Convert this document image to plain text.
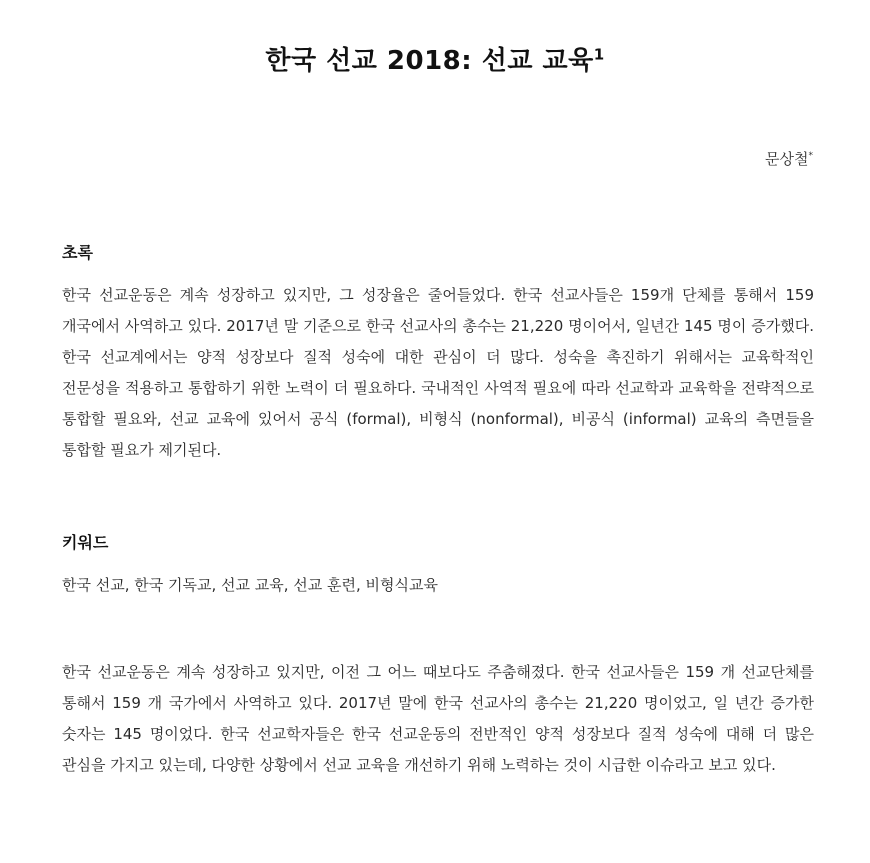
한국 선교 2018: 선교 교육$^1$
문상철*
초록
한국 선교운동은 계속 성장하고 있지만, 그 성장율은 줄어들었다. 한국 선교사들은 159개 단체를 통해서 159 개국에서 사역하고 있다. 2017년 말 기준으로 한국 선교사의 총수는 21,220 명이어서, 일년간 145 명이 증가했다. 한국 선교계에서는 양적 성장보다 질적 성숙에 대한 관심이 더 많다. 성숙을 촉진하기 위해서는 교육학적인 전문성을 적용하고 통합하기 위한 노력이 더 필요하다. 국내적인 사역적 필요에 따라 선교학과 교육학을 전략적으로 통합할 필요와, 선교 교육에 있어서 공식 (formal), 비형식 (nonformal), 비공식 (informal) 교육의 측면들을 통합할 필요가 제기된다.
키워드
한국 선교, 한국 기독교, 선교 교육, 선교 훈련, 비형식교육
한국 선교운동은 계속 성장하고 있지만, 이전 그 어느 때보다도 주춤해졌다. 한국 선교사들은 159 개 선교단체를 통해서 159 개 국가에서 사역하고 있다. 2017년 말에 한국 선교사의 총수는 21,220 명이었고, 일 년간 증가한 숫자는 145 명이었다. 한국 선교학자들은 한국 선교운동의 전반적인 양적 성장보다 질적 성숙에 대해 더 많은 관심을 가지고 있는데, 다양한 상황에서 선교 교육을 개선하기 위해 노력하는 것이 시급한 이슈라고 보고 있다.
